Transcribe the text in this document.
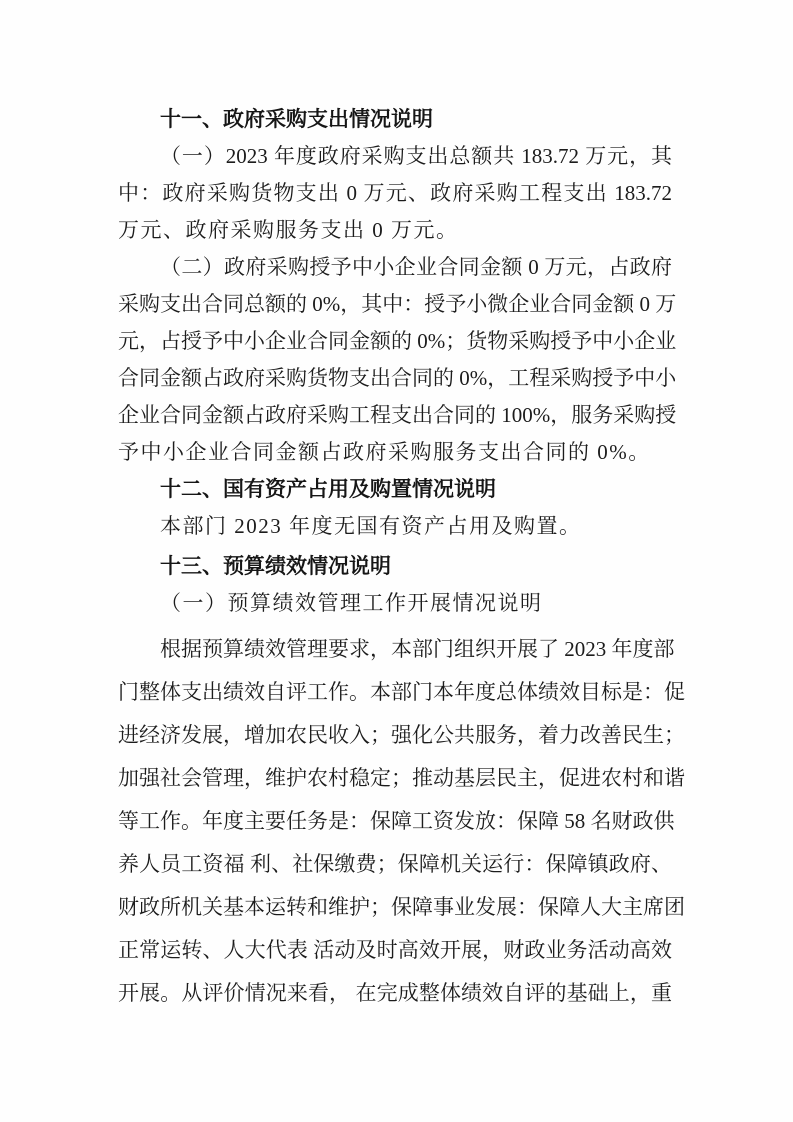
十一、政府采购支出情况说明
（一）2023 年度政府采购支出总额共 183.72 万元，其
中：政府采购货物支出 0 万元、政府采购工程支出 183.72
万元、政府采购服务支出 0 万元。
（二）政府采购授予中小企业合同金额 0 万元，占政府
采购支出合同总额的 0%，其中：授予小微企业合同金额 0 万
元，占授予中小企业合同金额的 0%；货物采购授予中小企业
合同金额占政府采购货物支出合同的 0%，工程采购授予中小
企业合同金额占政府采购工程支出合同的 100%，服务采购授
予中小企业合同金额占政府采购服务支出合同的 0%。
十二、国有资产占用及购置情况说明
本部门 2023 年度无国有资产占用及购置。
十三、预算绩效情况说明
（一）预算绩效管理工作开展情况说明
根据预算绩效管理要求，本部门组织开展了 2023 年度部
门整体支出绩效自评工作。本部门本年度总体绩效目标是：促
进经济发展，增加农民收入；强化公共服务，着力改善民生；
加强社会管理，维护农村稳定；推动基层民主，促进农村和谐
等工作。年度主要任务是：保障工资发放：保障 58 名财政供
养人员工资福 利、社保缴费；保障机关运行：保障镇政府、
财政所机关基本运转和维护；保障事业发展：保障人大主席团
正常运转、人大代表 活动及时高效开展，财政业务活动高效
开展。从评价情况来看， 在完成整体绩效自评的基础上，重
